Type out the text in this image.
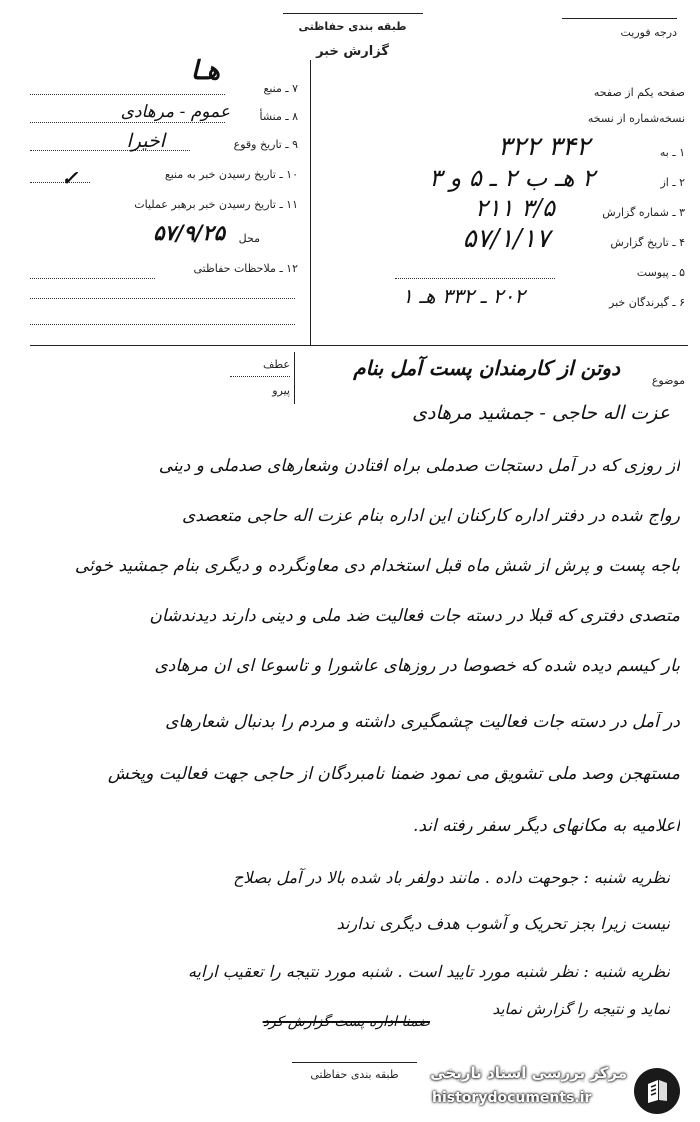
طبقه بندی حفاظتی
گزارش خبر
درجه فوریت
صفحه یکم از صفحه
نسخه‌شماره از نسخه
۱ ـ به
۳۴۲ ۳۲۲
۲ ـ از
۲ هـ ب ۲ ـ ۵ و ۳
۳ ـ شماره گزارش
۳/۵ ۲۱۱
۴ ـ تاریخ گزارش
۵۷/۱/۱۷
۵ ـ پیوست
۶ ـ گیرندگان خبر
۲۰۲ ـ ۳۳۲ هـ ۱
۷ ـ منبع
هـا
۸ ـ منشأ
عموم - مرهادی
۹ ـ تاریخ وقوع
اخیرا
۱۰ ـ تاریخ رسیدن خبر به منبع
✓
۱۱ ـ تاریخ رسیدن خبر برهبر عملیات
محل
۵۷/۹/۲۵
۱۲ ـ ملاحظات حفاظتی
عطف
پیرو
موضوع
دوتن از کارمندان پست آمل بنام
عزت اله حاجی - جمشید مرهادی
از روزی که در آمل دستجات صدملی براه افتادن وشعارهای صدملی و دینی
رواج شده در دفتر اداره کارکنان این اداره بنام عزت اله حاجی متعصدی
باجه پست و پرش از شش ماه قبل استخدام دی معاونگرده و دیگری بنام جمشید خوئی
متصدی دفتری که قبلا در دسته جات فعالیت ضد ملی و دینی دارند دیدندشان
بار کیسم دیده شده که خصوصا در روزهای عاشورا و تاسوعا ای ان مرهادی
در آمل در دسته جات فعالیت چشمگیری داشته و مردم را بدنبال شعارهای
مستهجن وصد ملی تشویق می نمود ضمنا نامبردگان از حاجی جهت فعالیت وپخش
اعلامیه به مکانهای دیگر سفر رفته اند.
نظریه شنبه : جوحهت داده . مانند دولفر باد شده بالا در آمل بصلاح
نیست زیرا بجز تحریک و آشوب هدف دیگری ندارند
نظریه شنبه : نظر شنبه مورد تایید است . شنبه مورد نتیجه را تعقیب ارایه
نماید و نتیجه را گزارش نماید
ضمنا اداره پست گزارش کرد
طبقه بندی حفاظتی	مرکز بررسی اسناد تاریخی
historydocuments.ir
